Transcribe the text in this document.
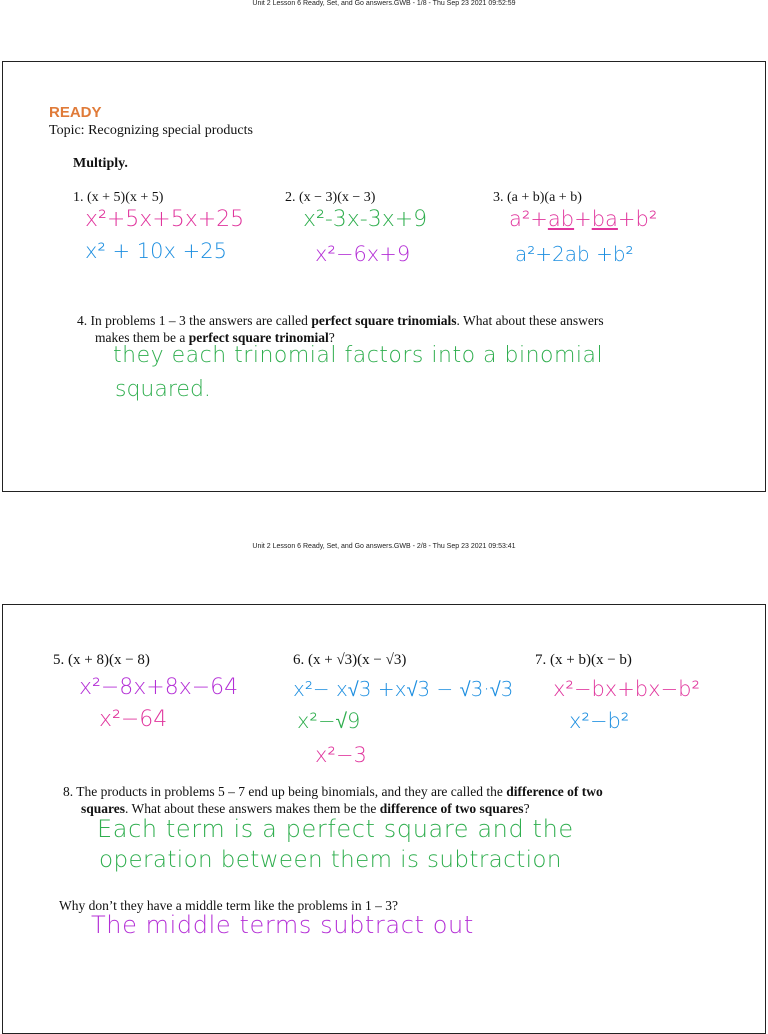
Unit 2 Lesson 6 Ready, Set, and Go answers.GWB - 1/8 - Thu Sep 23 2021 09:52:59
READY
Topic: Recognizing special products
Multiply.
1. (x + 5)(x + 5)
x²+5x+5x+25
x² + 10x +25
2. (x − 3)(x − 3)
x²-3x-3x+9
x²−6x+9
3. (a + b)(a + b)
a²+ab+ba+b²
a²+2ab +b²
4. In problems 1 – 3 the answers are called perfect square trinomials. What about these answers
makes them be a perfect square trinomial?
they each trinomial factors into a binomial
squared.
Unit 2 Lesson 6 Ready, Set, and Go answers.GWB - 2/8 - Thu Sep 23 2021 09:53:41
5. (x + 8)(x − 8)
x²−8x+8x−64
x²−64
6. (x + √3)(x − √3)
x²− x√3 +x√3 − √3·√3
x²−√9
x²−3
7. (x + b)(x − b)
x²−bx+bx−b²
x²−b²
8. The products in problems 5 – 7 end up being binomials, and they are called the difference of two
squares. What about these answers makes them be the difference of two squares?
Each term is a perfect square and the
operation between them is subtraction
Why don’t they have a middle term like the problems in 1 – 3?
The middle terms subtract out
